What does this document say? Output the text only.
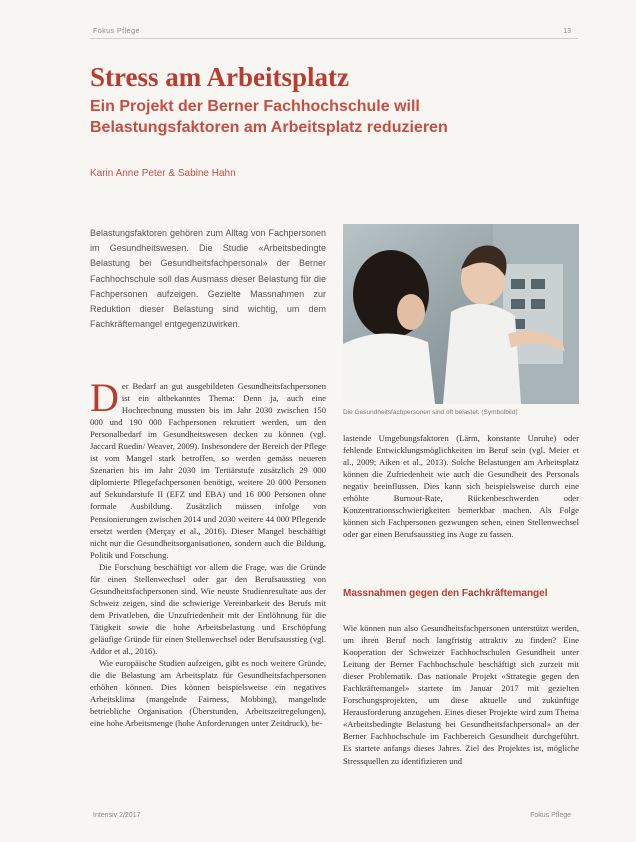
Fokus Pflege	13
Stress am Arbeitsplatz
Ein Projekt der Berner Fachhochschule will Belastungsfaktoren am Arbeitsplatz reduzieren
Karin Anne Peter & Sabine Hahn

Belastungsfaktoren gehören zum Alltag von Fachpersonen im Gesundheitswesen. Die Studie «Arbeitsbedingte Belastung bei Gesundheitsfachpersonal» der Berner Fachhochschule soll das Ausmass dieser Belastung für die Fachpersonen aufzeigen. Gezielte Massnahmen zur Reduktion dieser Belastung sind wichtig, um dem Fachkräftemangel entgegenzuwirken.

Die Gesundheitsfachpersonen sind oft belastet. (Symbolbild)

Der Bedarf an gut ausgebildeten Gesundheitsfachpersonen ist ein altbekanntes Thema: Denn ja, auch eine Hochrechnung mussten bis im Jahr 2030 zwischen 150 000 und 190 000 Fachpersonen rekrutiert werden, um den Personalbedarf im Gesundheitswesen decken zu können (vgl. Jaccard Ruedin/ Weaver, 2009). Insbesondere der Bereich der Pflege ist vom Mangel stark betroffen, so werden gemäss neueren Szenarien bis im Jahr 2030 im Tertiärstufe zusätzlich 29 000 diplomierte Pflegefachpersonen benötigt, weitere 20 000 Personen auf Sekundarstufe II (EFZ und EBA) und 16 000 Personen ohne formale Ausbildung. Zusätzlich müssen infolge von Pensionierungen zwischen 2014 und 2030 weitere 44 000 Pflegende ersetzt werden (Merçay et al., 2016). Dieser Mangel beschäftigt nicht nur die Gesundheitsorganisationen, sondern auch die Bildung, Politik und Forschung.

Die Forschung beschäftigt vor allem die Frage, was die Gründe für einen Stellenwechsel oder gar den Berufsausstieg von Gesundheitsfachpersonen sind. Wie neuste Studienresultate aus der Schweiz zeigen, sind die schwierige Vereinbarkeit des Berufs mit dem Privatleben, die Unzufriedenheit mit der Entlöhnung für die Tätigkeit sowie die hohe Arbeitsbelastung und Erschöpfung geläufige Gründe für einen Stellenwechsel oder Berufsausstieg (vgl. Addor et al., 2016).

Wie europäische Studien aufzeigen, gibt es noch weitere Gründe, die die Belastung am Arbeitsplatz für Gesundheitsfachpersonen erhöhen können. Dies können beispielsweise ein negatives Arbeitsklima (mangelnde Fairness, Mobbing), mangelnde betriebliche Organisation (Überstunden, Arbeitszeitregelungen), eine hohe Arbeitsmenge (hohe Anforderungen unter Zeitdruck), be-

lastende Umgebungsfaktoren (Lärm, konstante Unruhe) oder fehlende Entwicklungsmöglichkeiten im Beruf sein (vgl. Meier et al., 2009; Aiken et al., 2013). Solche Belastungen am Arbeitsplatz können die Zufriedenheit wie auch die Gesundheit des Personals negativ beeinflussen. Dies kann sich beispielsweise durch eine erhöhte Burnout-Rate, Rückenbeschwerden oder Konzentrationsschwierigkeiten bemerkbar machen. Als Folge können sich Fachpersonen gezwungen sehen, einen Stellenwechsel oder gar einen Berufsausstieg ins Auge zu fassen.

Massnahmen gegen den Fachkräftemangel

Wie können nun also Gesundheitsfachpersonen unterstützt werden, um ihren Beruf noch langfristig attraktiv zu finden? Eine Kooperation der Schweizer Fachhochschulen Gesundheit unter Leitung der Berner Fachhochschule beschäftigt sich zurzeit mit dieser Problematik. Das nationale Projekt «Strategie gegen den Fachkräftemangel» startete im Januar 2017 mit gezielten Forschungsprojekten, um diese aktuelle und zukünftige Herausforderung anzugehen. Eines dieser Projekte wird zum Thema «Arbeitsbedingte Belastung bei Gesundheitsfachpersonal» an der Berner Fachhochschule im Fachbereich Gesundheit durchgeführt. Es startete anfangs dieses Jahres. Ziel des Projektes ist, mögliche Stressquellen zu identifizieren und

Intensiv 2/2017	Fokus Pflege
